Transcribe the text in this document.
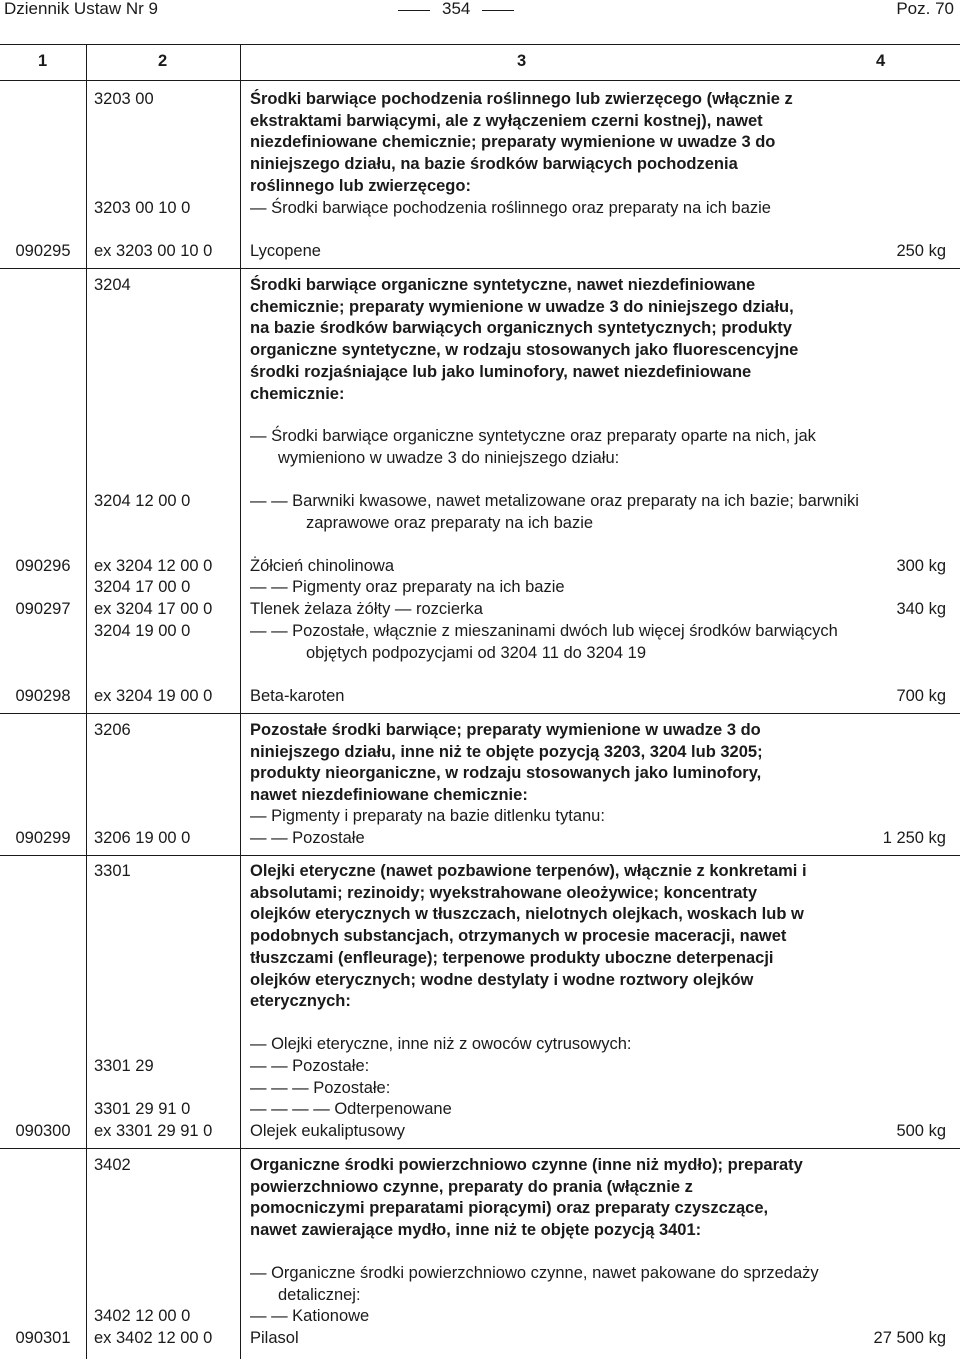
Dziennik Ustaw Nr 9	354	Poz. 70
1	2	3	4
3203 00	Środki barwiące pochodzenia roślinnego lub zwierzęcego (włącznie z ekstraktami barwiącymi, ale z wyłączeniem czerni kostnej), nawet niezdefiniowane chemicznie; preparaty wymienione w uwadze 3 do niniejszego działu, na bazie środków barwiących pochodzenia roślinnego lub zwierzęcego:
3203 00 10 0	— Środki barwiące pochodzenia roślinnego oraz preparaty na ich bazie
090295	ex 3203 00 10 0	Lycopene	250 kg
3204	Środki barwiące organiczne syntetyczne, nawet niezdefiniowane chemicznie; preparaty wymienione w uwadze 3 do niniejszego działu, na bazie środków barwiących organicznych syntetycznych; produkty organiczne syntetyczne, w rodzaju stosowanych jako fluorescencyjne środki rozjaśniające lub jako luminofory, nawet niezdefiniowane chemicznie:
— Środki barwiące organiczne syntetyczne oraz preparaty oparte na nich, jak wymieniono w uwadze 3 do niniejszego działu:
3204 12 00 0	— — Barwniki kwasowe, nawet metalizowane oraz preparaty na ich bazie; barwniki zaprawowe oraz preparaty na ich bazie
090296	ex 3204 12 00 0	Żółcień chinolinowa	300 kg
3204 17 00 0	— — Pigmenty oraz preparaty na ich bazie
090297	ex 3204 17 00 0	Tlenek żelaza żółty — rozcierka	340 kg
3204 19 00 0	— — Pozostałe, włącznie z mieszaninami dwóch lub więcej środków barwiących objętych podpozycjami od 3204 11 do 3204 19
090298	ex 3204 19 00 0	Beta-karoten	700 kg
3206	Pozostałe środki barwiące; preparaty wymienione w uwadze 3 do niniejszego działu, inne niż te objęte pozycją 3203, 3204 lub 3205; produkty nieorganiczne, w rodzaju stosowanych jako luminofory, nawet niezdefiniowane chemicznie:
— Pigmenty i preparaty na bazie ditlenku tytanu:
090299	3206 19 00 0	— — Pozostałe	1 250 kg
3301	Olejki eteryczne (nawet pozbawione terpenów), włącznie z konkretami i absolutami; rezinoidy; wyekstrahowane oleożywice; koncentraty olejków eterycznych w tłuszczach, nielotnych olejkach, woskach lub w podobnych substancjach, otrzymanych w procesie maceracji, nawet tłuszczami (enfleurage); terpenowe produkty uboczne deterpenacji olejków eterycznych; wodne destylaty i wodne roztwory olejków eterycznych:
— Olejki eteryczne, inne niż z owoców cytrusowych:
3301 29	— — Pozostałe:
— — — Pozostałe:
3301 29 91 0	— — — — Odterpenowane
090300	ex 3301 29 91 0	Olejek eukaliptusowy	500 kg
3402	Organiczne środki powierzchniowo czynne (inne niż mydło); preparaty powierzchniowo czynne, preparaty do prania (włącznie z pomocniczymi preparatami piorącymi) oraz preparaty czyszczące, nawet zawierające mydło, inne niż te objęte pozycją 3401:
— Organiczne środki powierzchniowo czynne, nawet pakowane do sprzedaży detalicznej:
3402 12 00 0	— — Kationowe
090301	ex 3402 12 00 0	Pilasol	27 500 kg
